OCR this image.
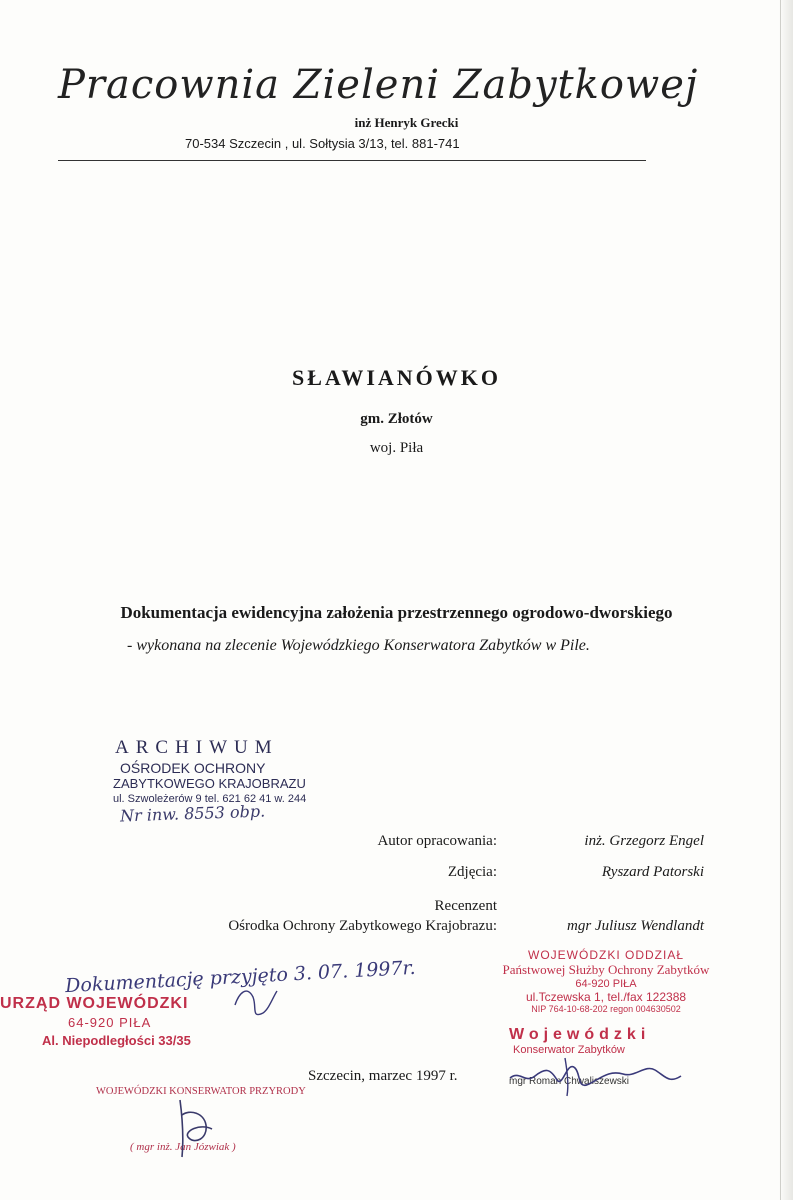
Pracownia Zieleni Zabytkowej
inż Henryk Grecki
70-534 Szczecin , ul. Sołtysia 3/13, tel. 881-741
SŁAWIANÓWKO
gm. Złotów
woj. Piła
Dokumentacja ewidencyjna założenia przestrzennego ogrodowo-dworskiego
- wykonana na zlecenie Wojewódzkiego Konserwatora Zabytków w Pile.
ARCHIWUM
OŚRODEK OCHRONY
ZABYTKOWEGO KRAJOBRAZU
ul. Szwoleżerów 9 tel. 621 62 41 w. 244
Nr inw. 8553 obp.
Autor opracowania:	inż. Grzegorz Engel
Zdjęcia:	Ryszard Patorski
Recenzent
Ośrodka Ochrony Zabytkowego Krajobrazu:	mgr Juliusz Wendlandt
Dokumentację przyjęto 3. 07. 1997r.
URZĄD WOJEWÓDZKI
64-920 PIŁA
Al. Niepodległości 33/35
WOJEWÓDZKI ODDZIAŁ
Państwowej Służby Ochrony Zabytków
64-920 PIŁA
ul.Tczewska 1, tel./fax 122388
NIP 764-10-68-202 regon 004630502
Wojewódzki
Konserwator Zabytków
mgr Roman Chwaliszewski
WOJEWÓDZKI KONSERWATOR PRZYRODY
( mgr inż. Jan Józwiak )
Szczecin, marzec 1997 r.
